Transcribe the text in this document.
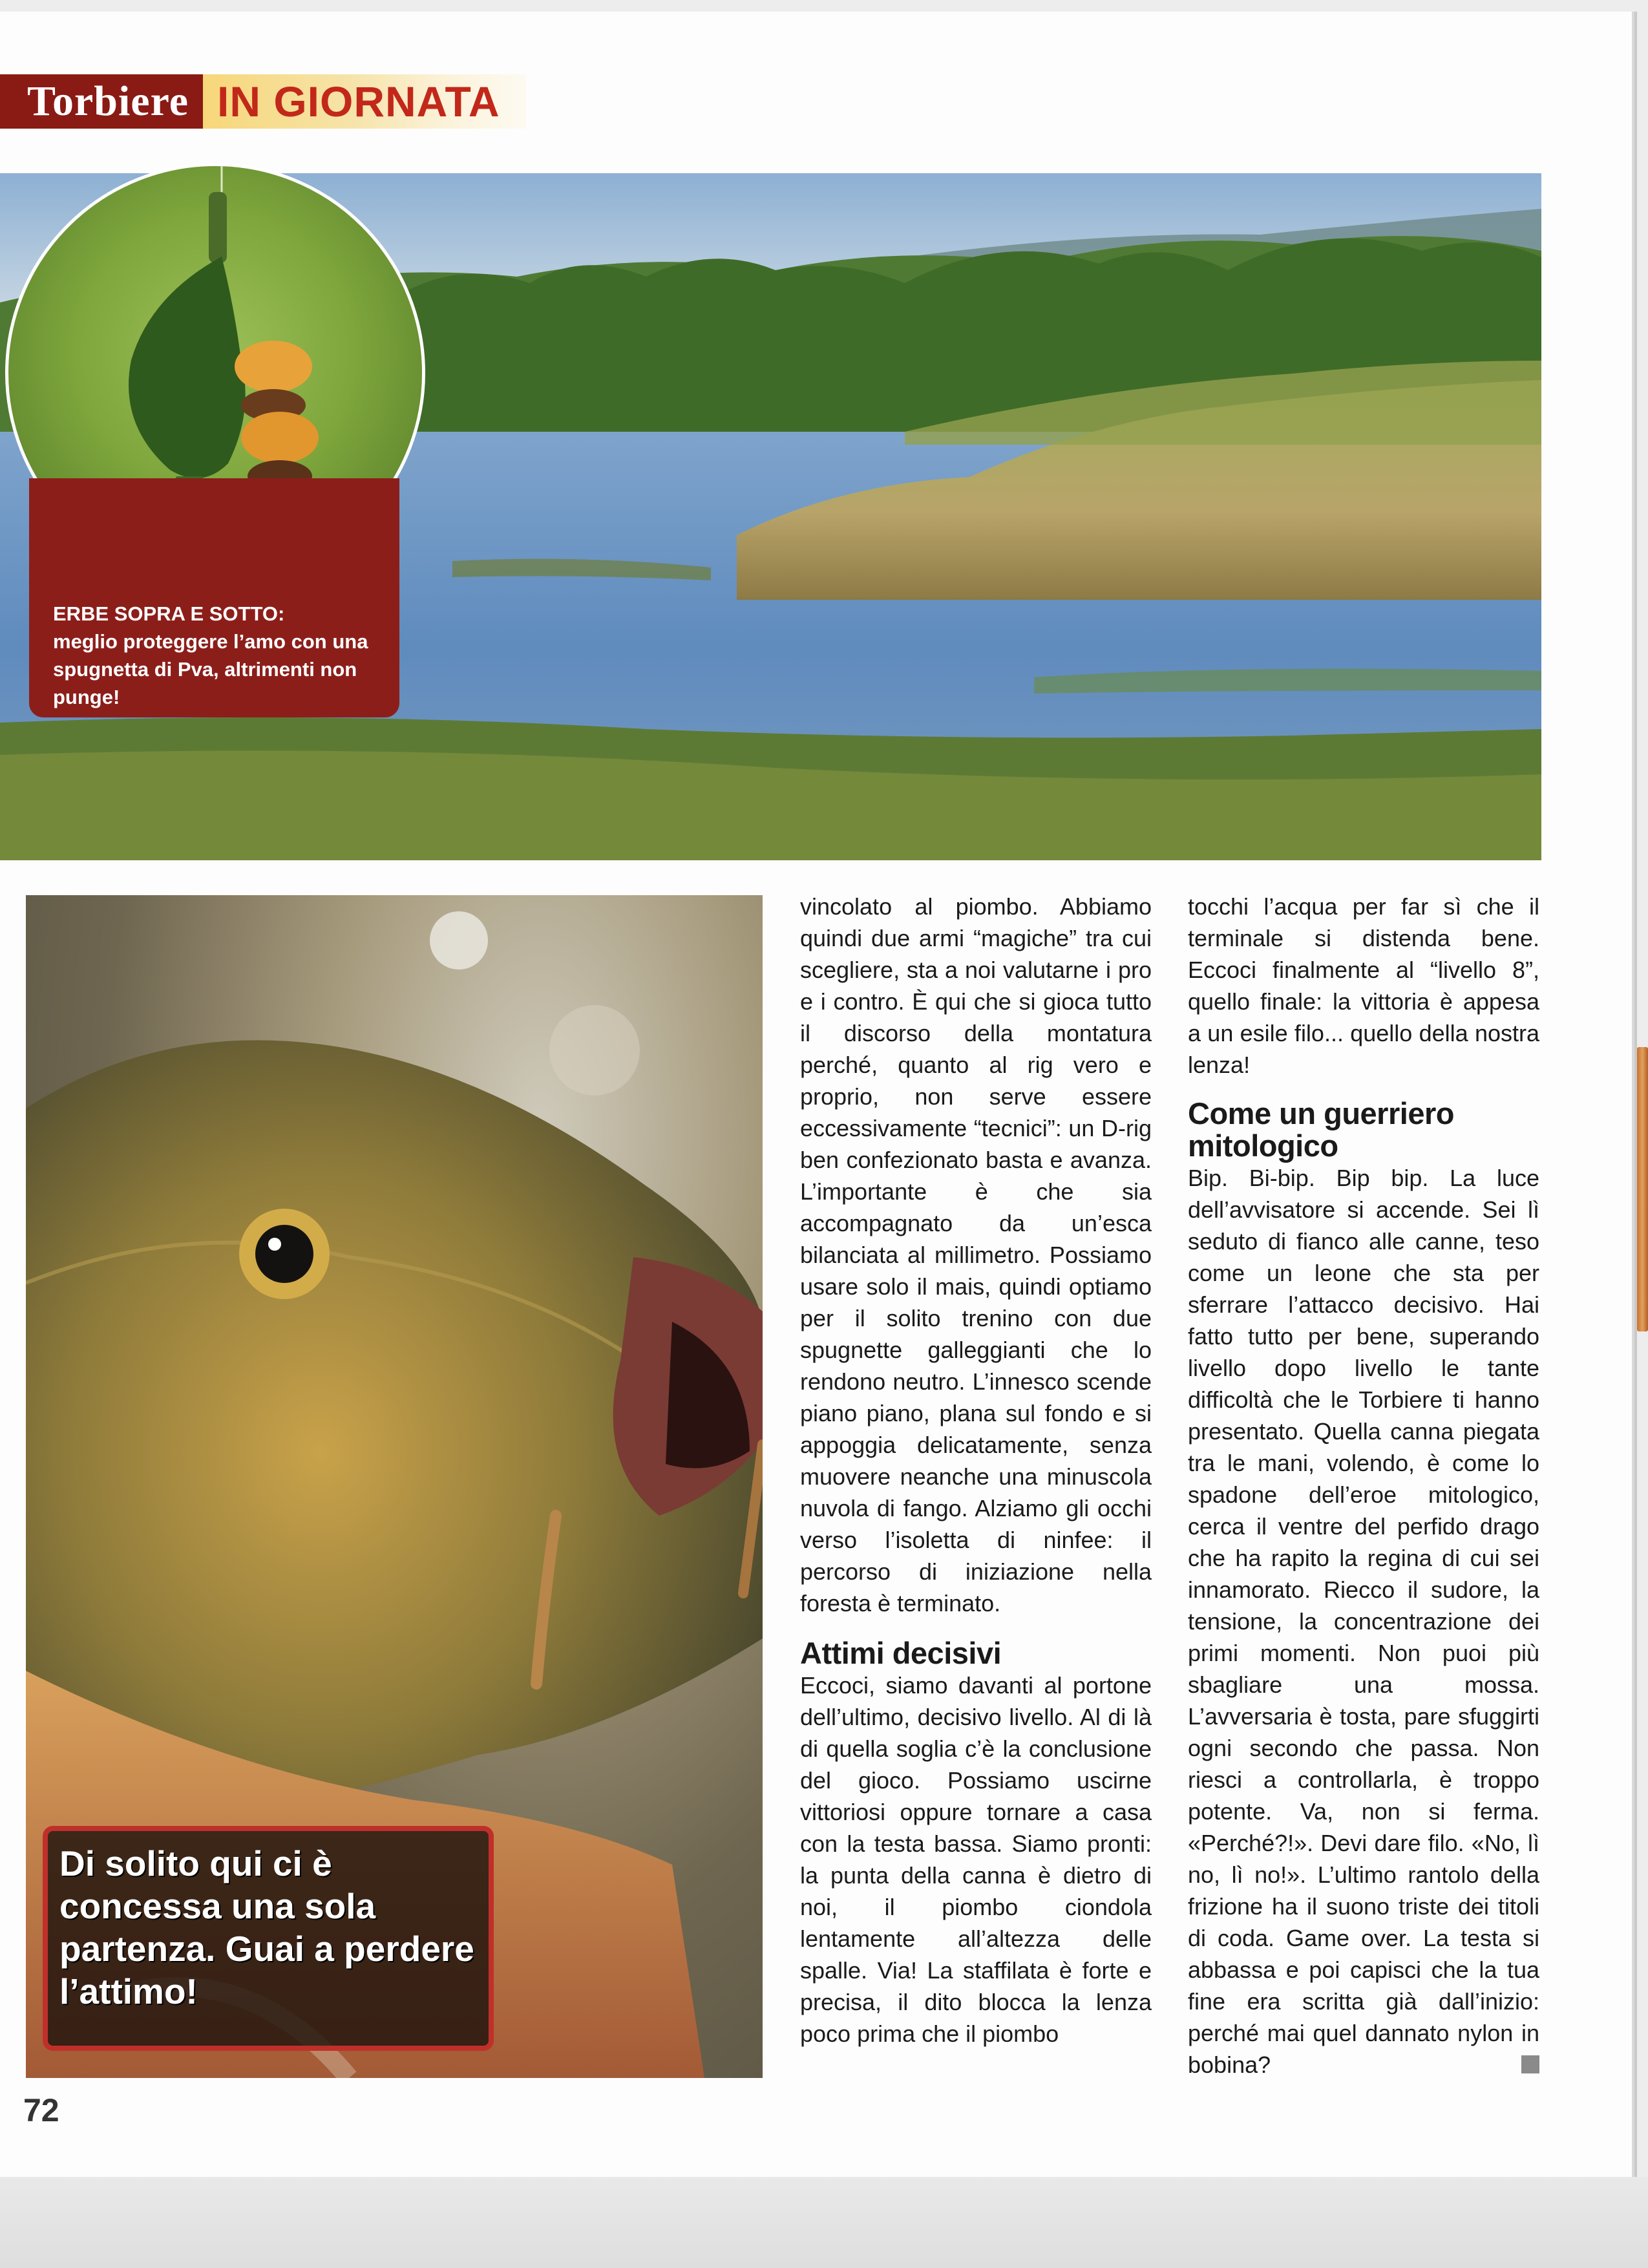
Torbiere IN GIORNATA
ERBE SOPRA E SOTTO:
meglio proteggere l’amo con una spugnetta di Pva, altrimenti non punge!
Di solito qui ci è concessa una sola partenza. Guai a perdere l’attimo!

vincolato al piombo. Abbiamo quindi due armi “magiche” tra cui scegliere, sta a noi valutarne i pro e i contro. È qui che si gioca tutto il discorso della montatura perché, quanto al rig vero e proprio, non serve essere eccessivamente “tecnici”: un D-rig ben confezionato basta e avanza. L’importante è che sia accompagnato da un’esca bilanciata al millimetro. Possiamo usare solo il mais, quindi optiamo per il solito trenino con due spugnette galleggianti che lo rendono neutro. L’innesco scende piano piano, plana sul fondo e si appoggia delicatamente, senza muovere neanche una minuscola nuvola di fango. Alziamo gli occhi verso l’isoletta di ninfee: il percorso di iniziazione nella foresta è terminato.

Attimi decisivi

Eccoci, siamo davanti al portone dell’ultimo, decisivo livello. Al di là di quella soglia c’è la conclusione del gioco. Possiamo uscirne vittoriosi oppure tornare a casa con la testa bassa. Siamo pronti: la punta della canna è dietro di noi, il piombo ciondola lentamente all’altezza delle spalle. Via! La staffilata è forte e precisa, il dito blocca la lenza poco prima che il piombo

tocchi l’acqua per far sì che il terminale si distenda bene. Eccoci finalmente al “livello 8”, quello finale: la vittoria è appesa a un esile filo... quello della nostra lenza!

Come un guerriero mitologico

Bip. Bi-bip. Bip bip. La luce dell’avvisatore si accende. Sei lì seduto di fianco alle canne, teso come un leone che sta per sferrare l’attacco decisivo. Hai fatto tutto per bene, superando livello dopo livello le tante difficoltà che le Torbiere ti hanno presentato. Quella canna piegata tra le mani, volendo, è come lo spadone dell’eroe mitologico, cerca il ventre del perfido drago che ha rapito la regina di cui sei innamorato. Riecco il sudore, la tensione, la concentrazione dei primi momenti. Non puoi più sbagliare una mossa. L’avversaria è tosta, pare sfuggirti ogni secondo che passa. Non riesci a controllarla, è troppo potente. Va, non si ferma. «Perché?!». Devi dare filo. «No, lì no, lì no!». L’ultimo rantolo della frizione ha il suono triste dei titoli di coda. Game over. La testa si abbassa e poi capisci che la tua fine era scritta già dall’inizio: perché mai quel dannato nylon in bobina?

72
